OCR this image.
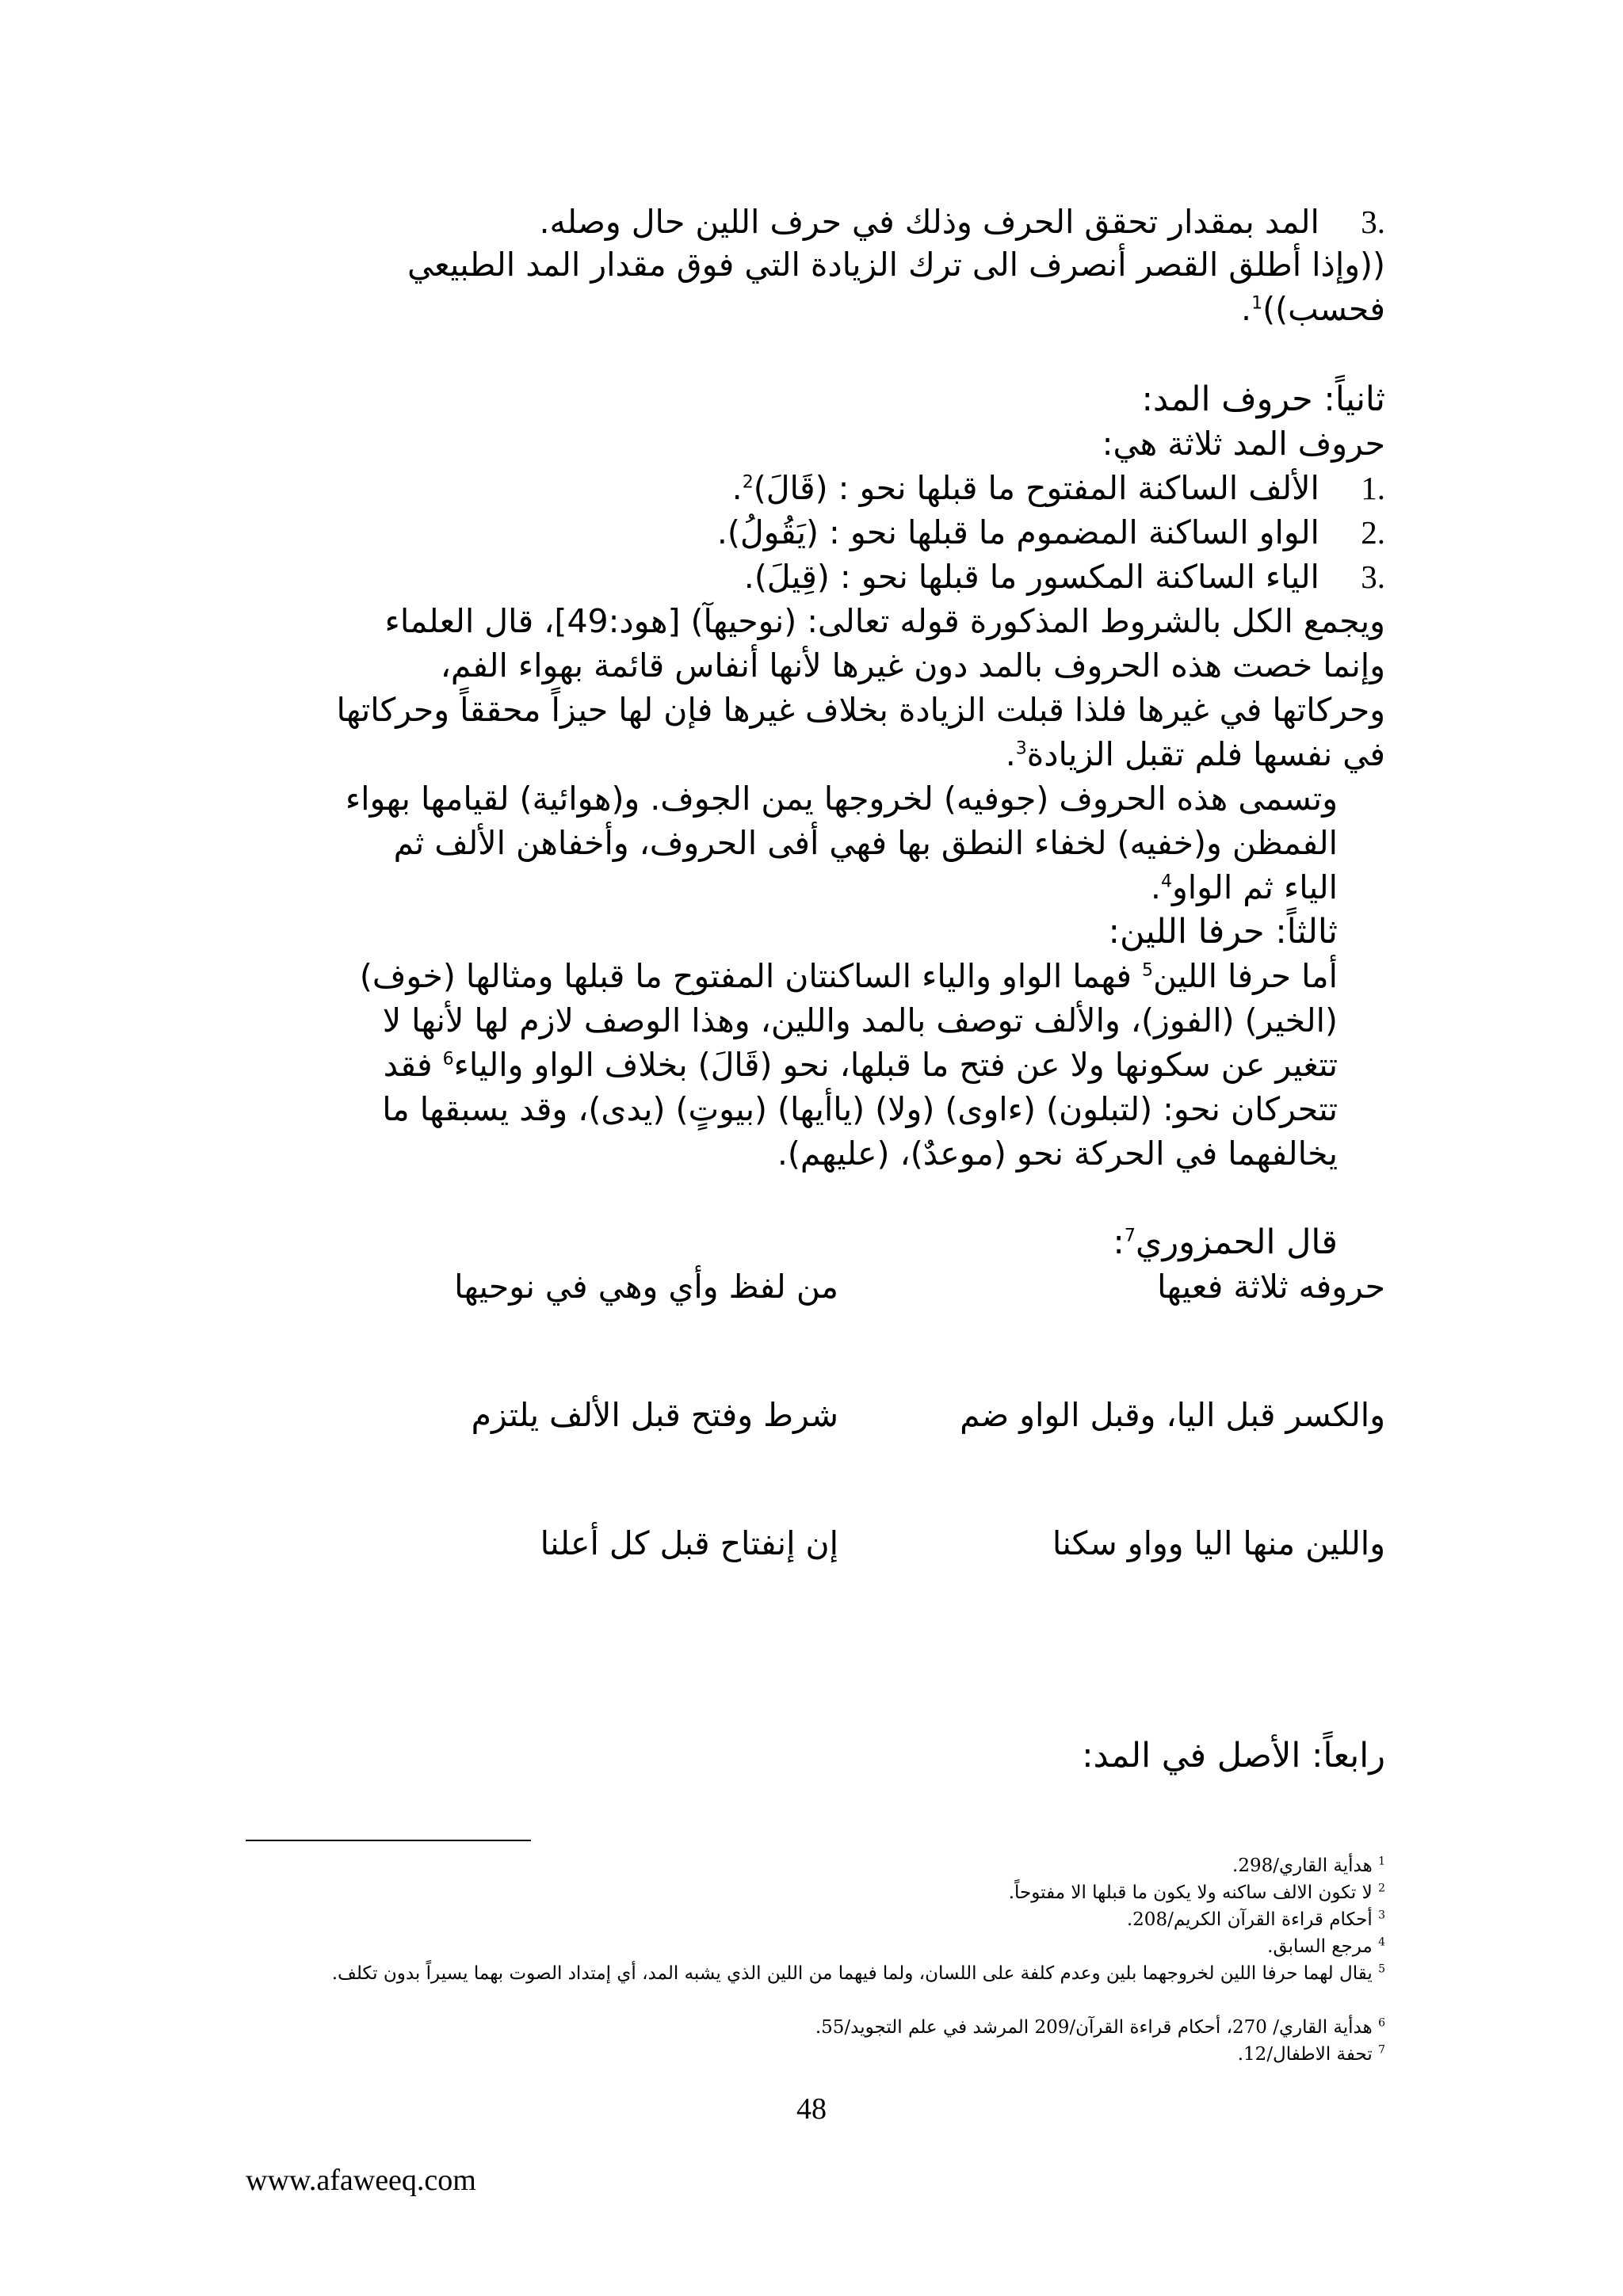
.3 المد بمقدار تحقق الحرف وذلك في حرف اللين حال وصله.
((وإذا أطلق القصر أنصرف الى ترك الزيادة التي فوق مقدار المد الطبيعي
فحسب))$^1$.
ثانياً: حروف المد:
حروف المد ثلاثة هي:
.1 الألف الساكنة المفتوح ما قبلها نحو : (قَالَ)$^2$.
.2 الواو الساكنة المضموم ما قبلها نحو : (يَقُولُ).
.3 الياء الساكنة المكسور ما قبلها نحو : (قِيلَ).
ويجمع الكل بالشروط المذكورة قوله تعالى: (نوحيهآ) [هود:49]، قال العلماء
وإنما خصت هذه الحروف بالمد دون غيرها لأنها أنفاس قائمة بهواء الفم،
وحركاتها في غيرها فلذا قبلت الزيادة بخلاف غيرها فإن لها حيزاً محققاً وحركاتها
في نفسها فلم تقبل الزيادة$^3$.
وتسمى هذه الحروف (جوفيه) لخروجها يمن الجوف. و(هوائية) لقيامها بهواء
الفمظن و(خفيه) لخفاء النطق بها فهي أفى الحروف، وأخفاهن الألف ثم
الياء ثم الواو$^4$.
ثالثاً: حرفا اللين:
أما حرفا اللين$^5$ فهما الواو والياء الساكنتان المفتوح ما قبلها ومثالها (خوف)
(الخير) (الفوز)، والألف توصف بالمد واللين، وهذا الوصف لازم لها لأنها لا
تتغير عن سكونها ولا عن فتح ما قبلها، نحو (قَالَ) بخلاف الواو والياء$^6$ فقد
تتحركان نحو: (لتبلون) (ءاوى) (ولا) (ياأيها) (بيوتٍ) (يدى)، وقد يسبقها ما
يخالفهما في الحركة نحو (موعدٌ)، (عليهم).
قال الحمزوري$^7$:
حروفه ثلاثة فعيها
من لفظ وأي وهي في نوحيها
والكسر قبل اليا، وقبل الواو ضم
شرط وفتح قبل الألف يلتزم
واللين منها اليا وواو سكنا
إن إنفتاح قبل كل أعلنا
رابعاً: الأصل في المد:
$^1$ هدأية القاري/298.
$^2$ لا تكون الالف ساكنه ولا يكون ما قبلها الا مفتوحاً.
$^3$ أحكام قراءة القرآن الكريم/208.
$^4$ مرجع السابق.
$^5$ يقال لهما حرفا اللين لخروجهما بلين وعدم كلفة على اللسان، ولما فيهما من اللين الذي يشبه المد، أي إمتداد الصوت بهما يسيراً بدون تكلف.
$^6$ هدأية القاري/ 270، أحكام قراءة القرآن/209 المرشد في علم التجويد/55.
$^7$ تحفة الاطفال/12.
48
www.afaweeq.com
